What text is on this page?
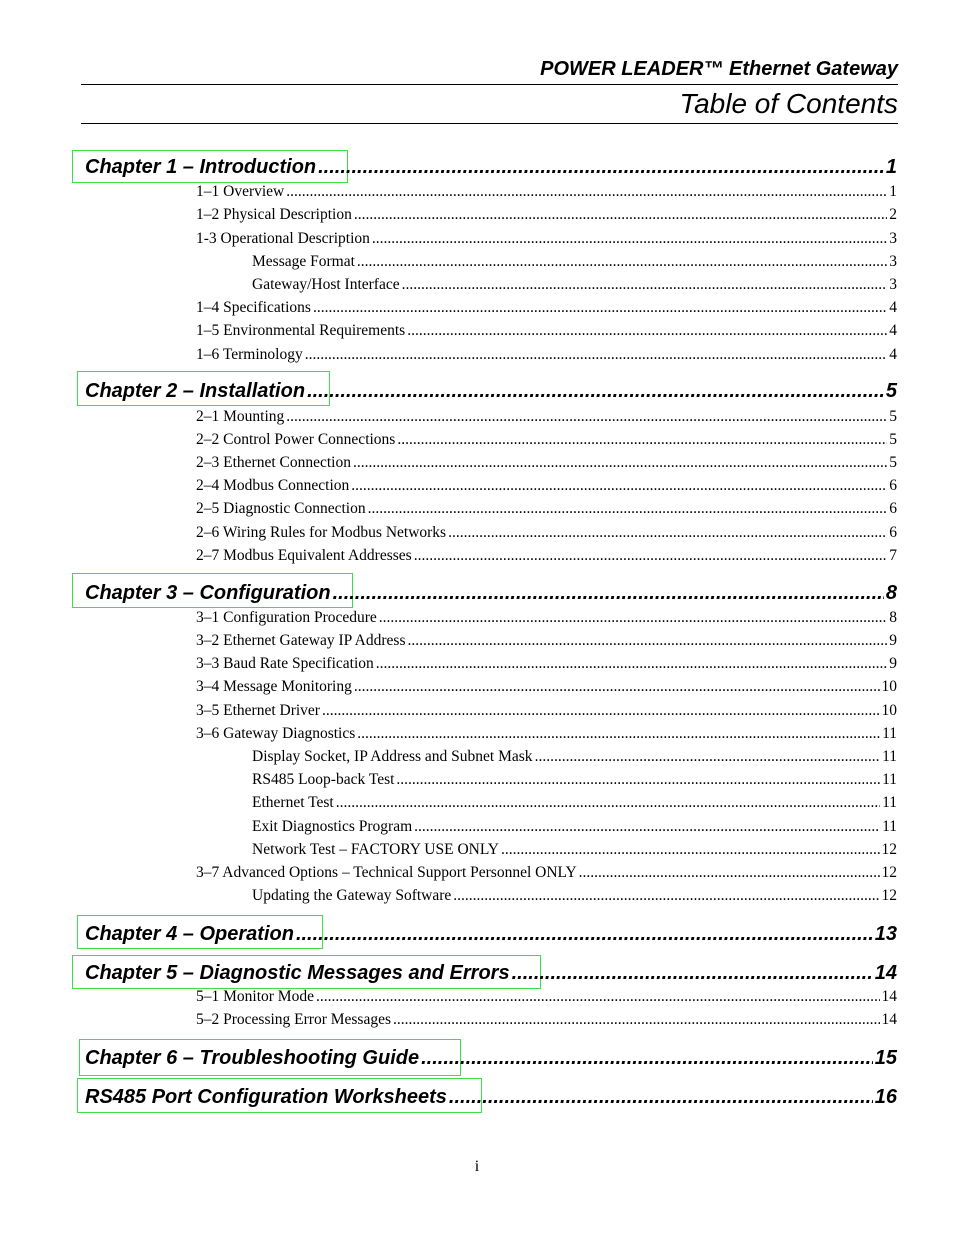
POWER LEADER™ Ethernet Gateway
Table of Contents
Chapter 1 – Introduction .....	1
1–1 Overview .....	1
1–2 Physical Description .....	2
1-3 Operational Description .....	3
Message Format .....	3
Gateway/Host Interface .....	3
1–4 Specifications .....	4
1–5 Environmental Requirements .....	4
1–6 Terminology .....	4
Chapter 2 – Installation .....	5
2–1 Mounting .....	5
2–2 Control Power Connections .....	5
2–3 Ethernet Connection .....	5
2–4 Modbus Connection .....	6
2–5 Diagnostic Connection .....	6
2–6 Wiring Rules for Modbus Networks .....	6
2–7 Modbus Equivalent Addresses .....	7
Chapter 3 – Configuration .....	8
3–1 Configuration Procedure .....	8
3–2 Ethernet Gateway IP Address .....	9
3–3 Baud Rate Specification .....	9
3–4 Message Monitoring .....	10
3–5 Ethernet Driver .....	10
3–6 Gateway Diagnostics .....	11
Display Socket, IP Address and Subnet Mask .....	11
RS485 Loop-back Test .....	11
Ethernet Test .....	11
Exit Diagnostics Program .....	11
Network Test – FACTORY USE ONLY .....	12
3–7 Advanced Options – Technical Support Personnel ONLY .....	12
Updating the Gateway Software .....	12
Chapter 4 – Operation .....	13
Chapter 5 – Diagnostic Messages and Errors .....	14
5–1 Monitor Mode .....	14
5–2 Processing Error Messages .....	14
Chapter 6 – Troubleshooting Guide .....	15
RS485 Port Configuration Worksheets .....	16
i
